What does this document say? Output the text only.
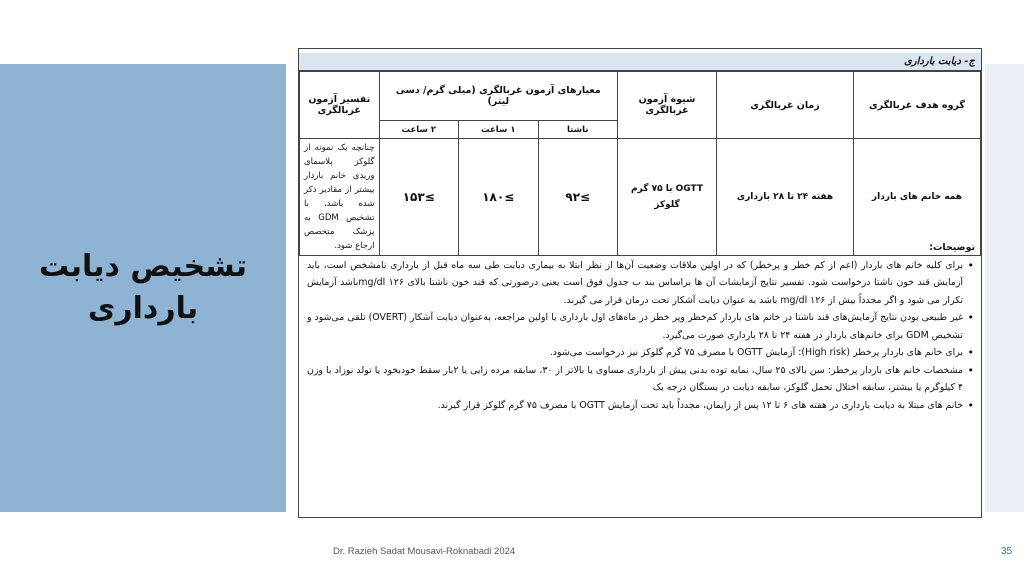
تشخیص دیابت بارداری
ج- دیابت بارداری
گروه هدف غربالگری	زمان غربالگری	شیوه آزمون غربالگری	معیارهای آزمون غربالگری (میلی گرم/ دسی لیتر)			تفسیر آزمون غربالگری
			ناشتا	۱ ساعت	۲ ساعت	
همه خانم های باردار	هفته ۲۴ تا ۲۸ بارداری	OGTT با ۷۵ گرم گلوکز	≥۹۲	≥۱۸۰	≥۱۵۳	چنانچه یک نمونه از گلوکز پلاسمای وریدی خانم باردار بیشتر از مقادیر ذکر شده باشد، با تشخیص GDM به پزشک متخصص ارجاع شود.	توضیحات:
• برای کلیه خانم های باردار (اعم از کم خطر و پرخطر) که در اولین ملاقات وضعیت آن‌ها از نظر ابتلا به بیماری دیابت طی سه ماه قبل از بارداری نامشخص است، باید آزمایش قند خون ناشتا درخواست شود. تفسیر نتایج آزمایشات آن ها براساس بند ب جدول فوق است یعنی درصورتی که قند خون ناشتا بالای mg/dl ۱۲۶باشد آزمایش تکرار می شود و اگر مجدداً بیش از mg/dl ۱۲۶ باشد به عنوان دیابت آشکار تحت درمان قرار می گیرند.
• غیر طبیعی بودن نتایج آزمایش‌های قند ناشتا در خانم های باردار کم‌خطر وپر خطر در ماه‌های اول بارداری یا اولین مراجعه، به‌عنوان دیابت آشکار (OVERT) تلقی می‌شود و تشخیص GDM برای خانم‌های باردار در هفته ۲۴ تا ۲۸ بارداری صورت می‌گیرد.
• برای خانم های باردار پرخطر (High risk): آزمایش OGTT با مصرف ۷۵ گرم گلوکز نیز درخواست می‌شود.
• مشخصات خانم های باردار پرخطر: سن بالای ۲۵ سال، نمایه توده بدنی پیش از بارداری مساوی یا بالاتر از ۳۰، سابقه مرده زایی یا ۲بار سقط خودبخود یا تولد نوزاد با وزن ۴ کیلوگرم یا بیشتر، سابقه اختلال تحمل گلوکز، سابقه دیابت در بستگان درجه یک
• خانم های مبتلا به دیابت بارداری در هفته های ۶ تا ۱۲ پس از زایمان، مجدداً باید تحت آزمایش OGTT با مصرف ۷۵ گرم گلوکز قرار گیرند.
Dr. Razieh Sadat Mousavi-Roknabadi 2024	35
